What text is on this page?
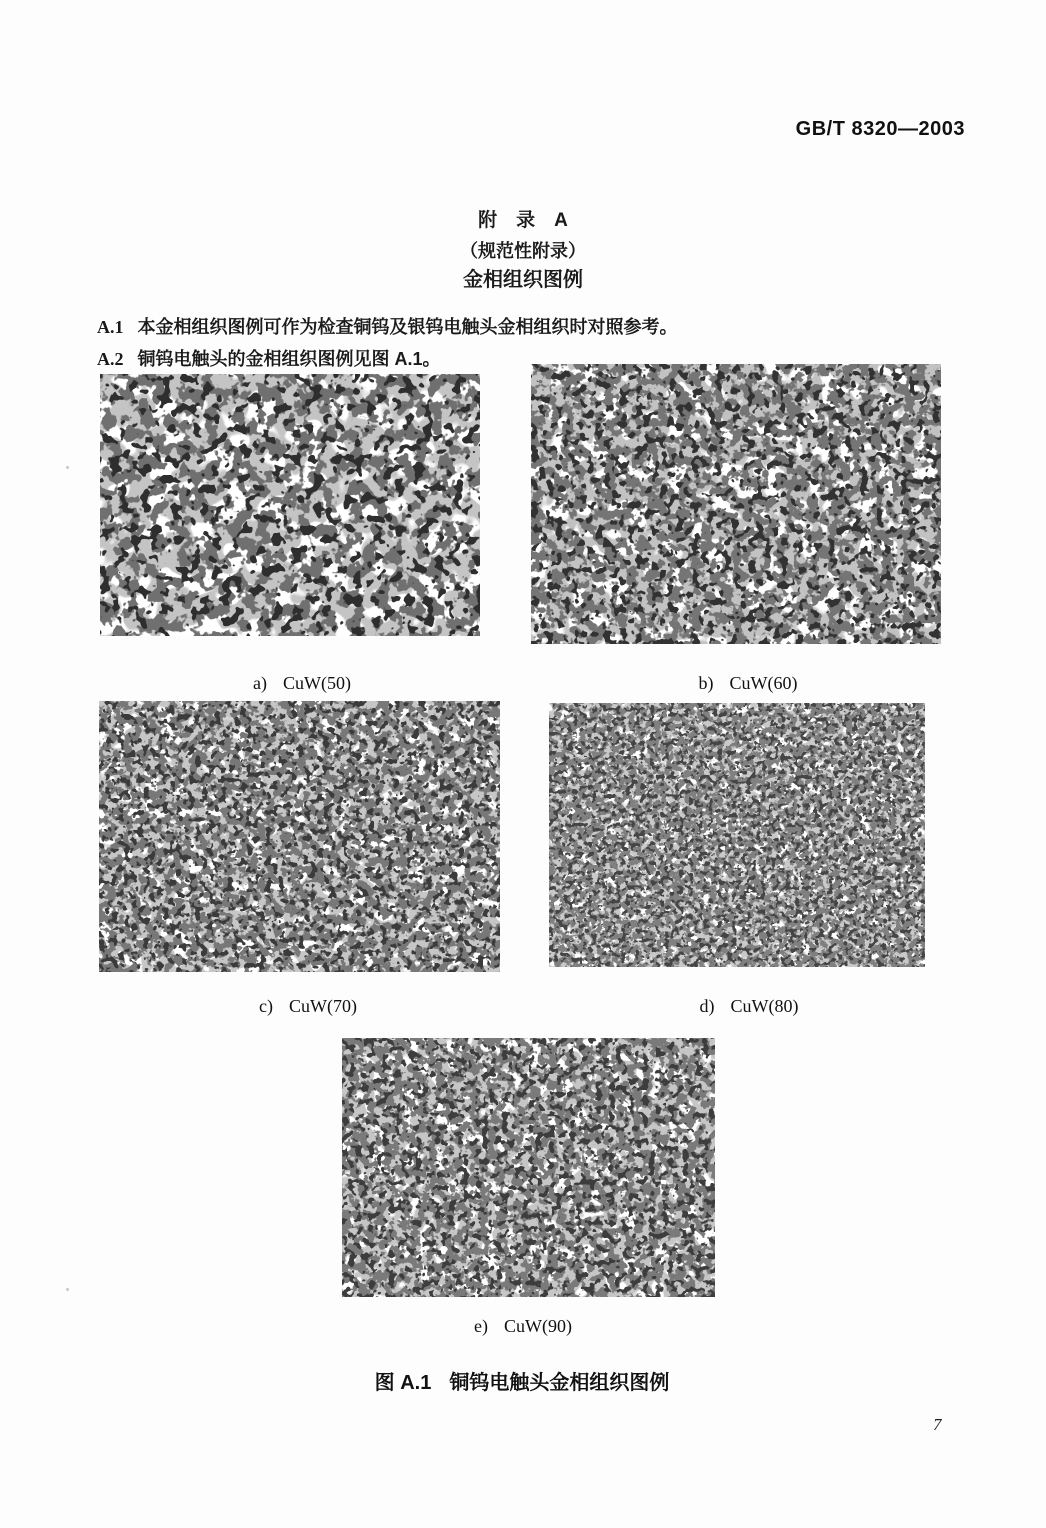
GB/T 8320—2003
附　录　A
（规范性附录）
金相组织图例
A.1 本金相组织图例可作为检查铜钨及银钨电触头金相组织时对照参考。
A.2 铜钨电触头的金相组织图例见图 A.1。
a) CuW(50)	b) CuW(60)
c) CuW(70)	d) CuW(80)
e) CuW(90)
图 A.1 铜钨电触头金相组织图例
7
